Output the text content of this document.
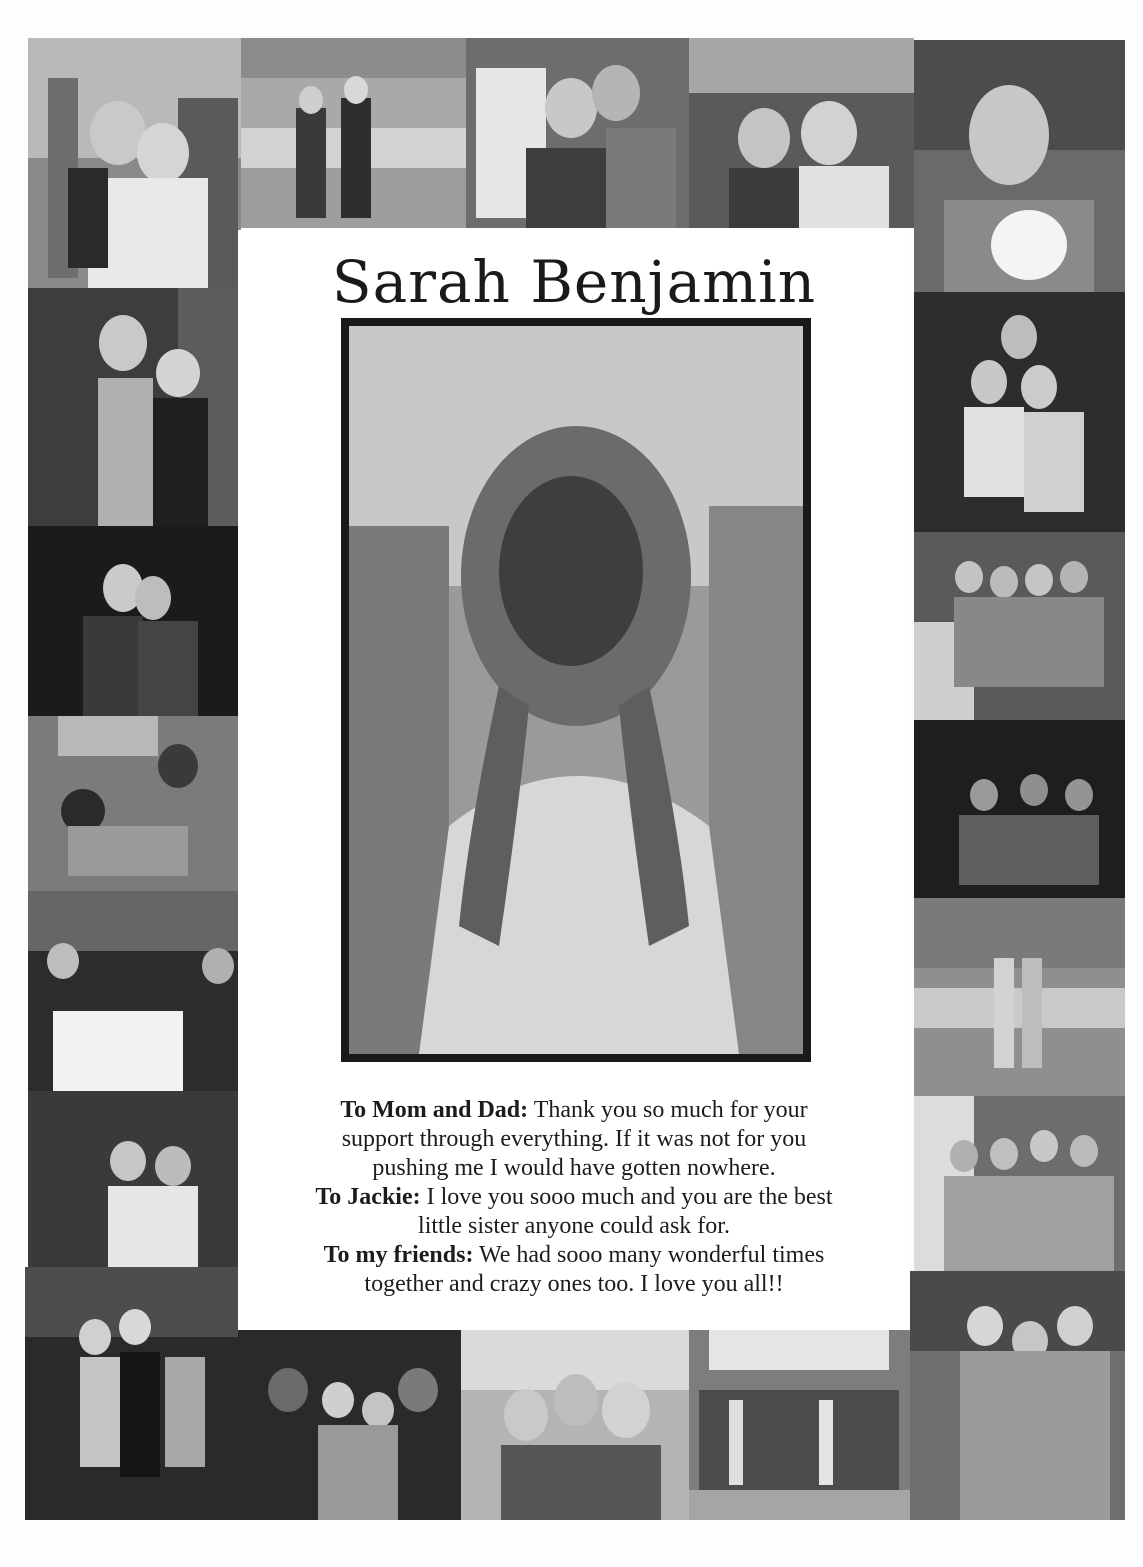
Sarah Benjamin
To Mom and Dad: Thank you so much for your
support through everything. If it was not for you
pushing me I would have gotten nowhere.
To Jackie: I love you sooo much and you are the best
little sister anyone could ask for.
To my friends: We had sooo many wonderful times
together and crazy ones too. I love you all!!
